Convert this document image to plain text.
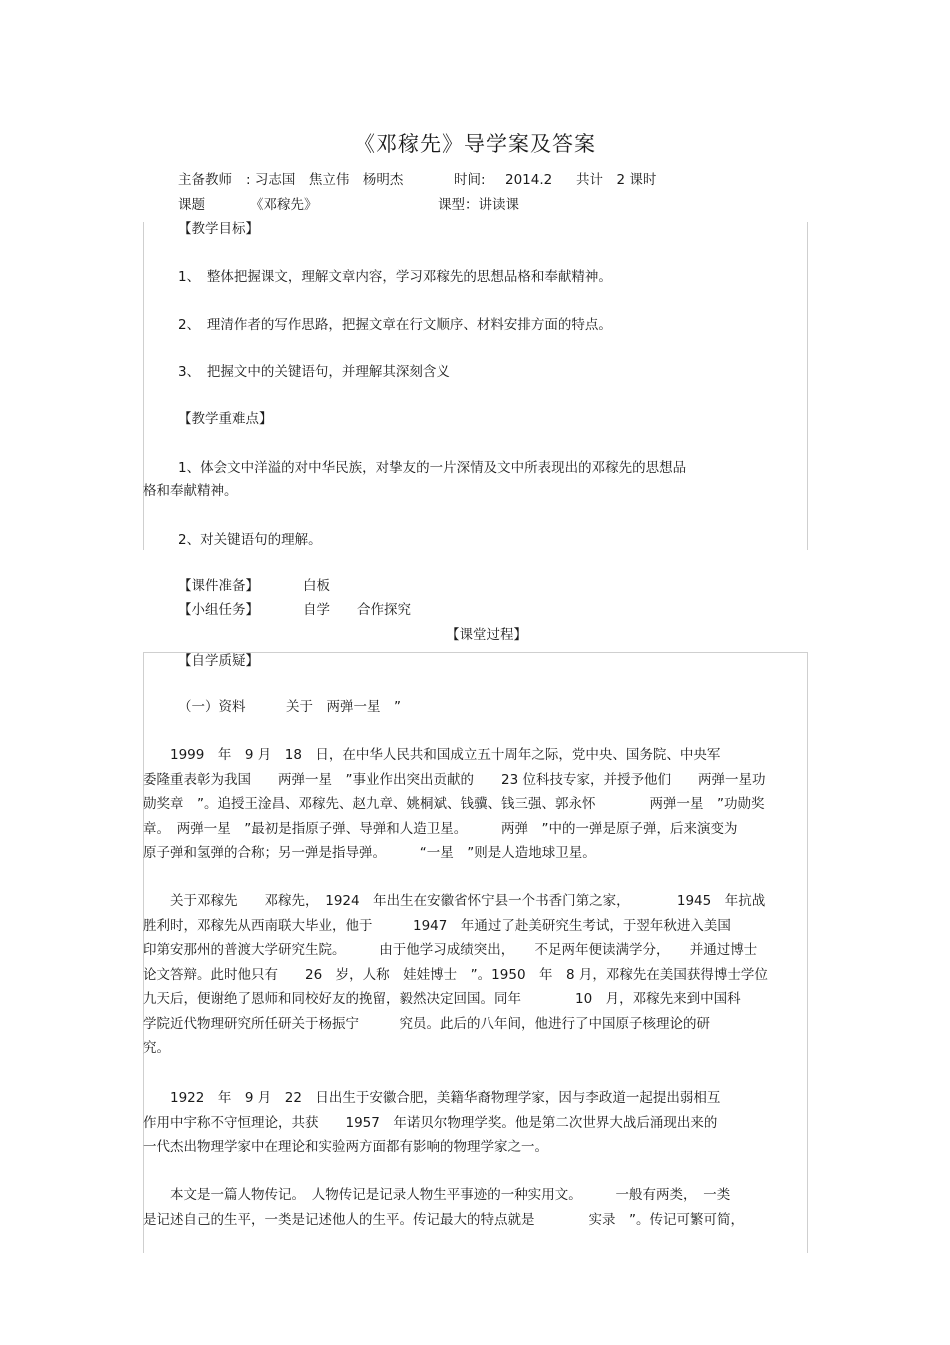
《邓稼先》导学案及答案
主备教师 : 习志国　焦立伟　杨明杰	时间: 2014.2 共计　2 课时
课题	《邓稼先》	课型：讲读课
【教学目标】
1、　整体把握课文，理解文章内容，学习邓稼先的思想品格和奉献精神。
2、　理清作者的写作思路，把握文章在行文顺序、材料安排方面的特点。
3、　把握文中的关键语句，并理解其深刻含义
【教学重难点】
1、体会文中洋溢的对中华民族，对挚友的一片深情及文中所表现出的邓稼先的思想品
格和奉献精神。
2、对关键语句的理解。
【课件准备】	白板
【小组任务】	自学　　合作探究
【课堂过程】
【自学质疑】
（一）资料　　　关于　两弹一星　”

　　1999　年　9 月　18　日，在中华人民共和国成立五十周年之际，党中央、国务院、中央军

委隆重表彰为我国　　两弹一星　”事业作出突出贡献的　　23 位科技专家，并授予他们　　两弹一星功

勋奖章　”。追授王淦昌、邓稼先、赵九章、姚桐斌、钱骥、钱三强、郭永怀　　　　两弹一星　”功勋奖

章。　两弹一星　”最初是指原子弹、导弹和人造卫星。　　　两弹　”中的一弹是原子弹，后来演变为

原子弹和氢弹的合称；另一弹是指导弹。　　　“一星　”则是人造地球卫星。

　　关于邓稼先　　邓稼先，　1924　年出生在安徽省怀宁县一个书香门第之家，　　　　1945　年抗战

胜利时，邓稼先从西南联大毕业，他于　　　1947　年通过了赴美研究生考试，于翌年秋进入美国

印第安那州的普渡大学研究生院。　　　由于他学习成绩突出，　　不足两年便读满学分，　　并通过博士

论文答辩。此时他只有　　26　岁，人称　娃娃博士　”。1950　年　8 月，邓稼先在美国获得博士学位

九天后，便谢绝了恩师和同校好友的挽留，毅然决定回国。同年　　　　10　月，邓稼先来到中国科

学院近代物理研究所任研关于杨振宁　　　究员。此后的八年间，他进行了中国原子核理论的研

究。

　　1922　年　9 月　22　日出生于安徽合肥，美籍华裔物理学家，因与李政道一起提出弱相互

作用中宇称不守恒理论，共获　　1957　年诺贝尔物理学奖。他是第二次世界大战后涌现出来的

一代杰出物理学家中在理论和实验两方面都有影响的物理学家之一。

　　本文是一篇人物传记。　人物传记是记录人物生平事迹的一种实用文。　　　一般有两类，　一类

是记述自己的生平，一类是记述他人的生平。传记最大的特点就是　　　　实录　”。传记可繁可简，
